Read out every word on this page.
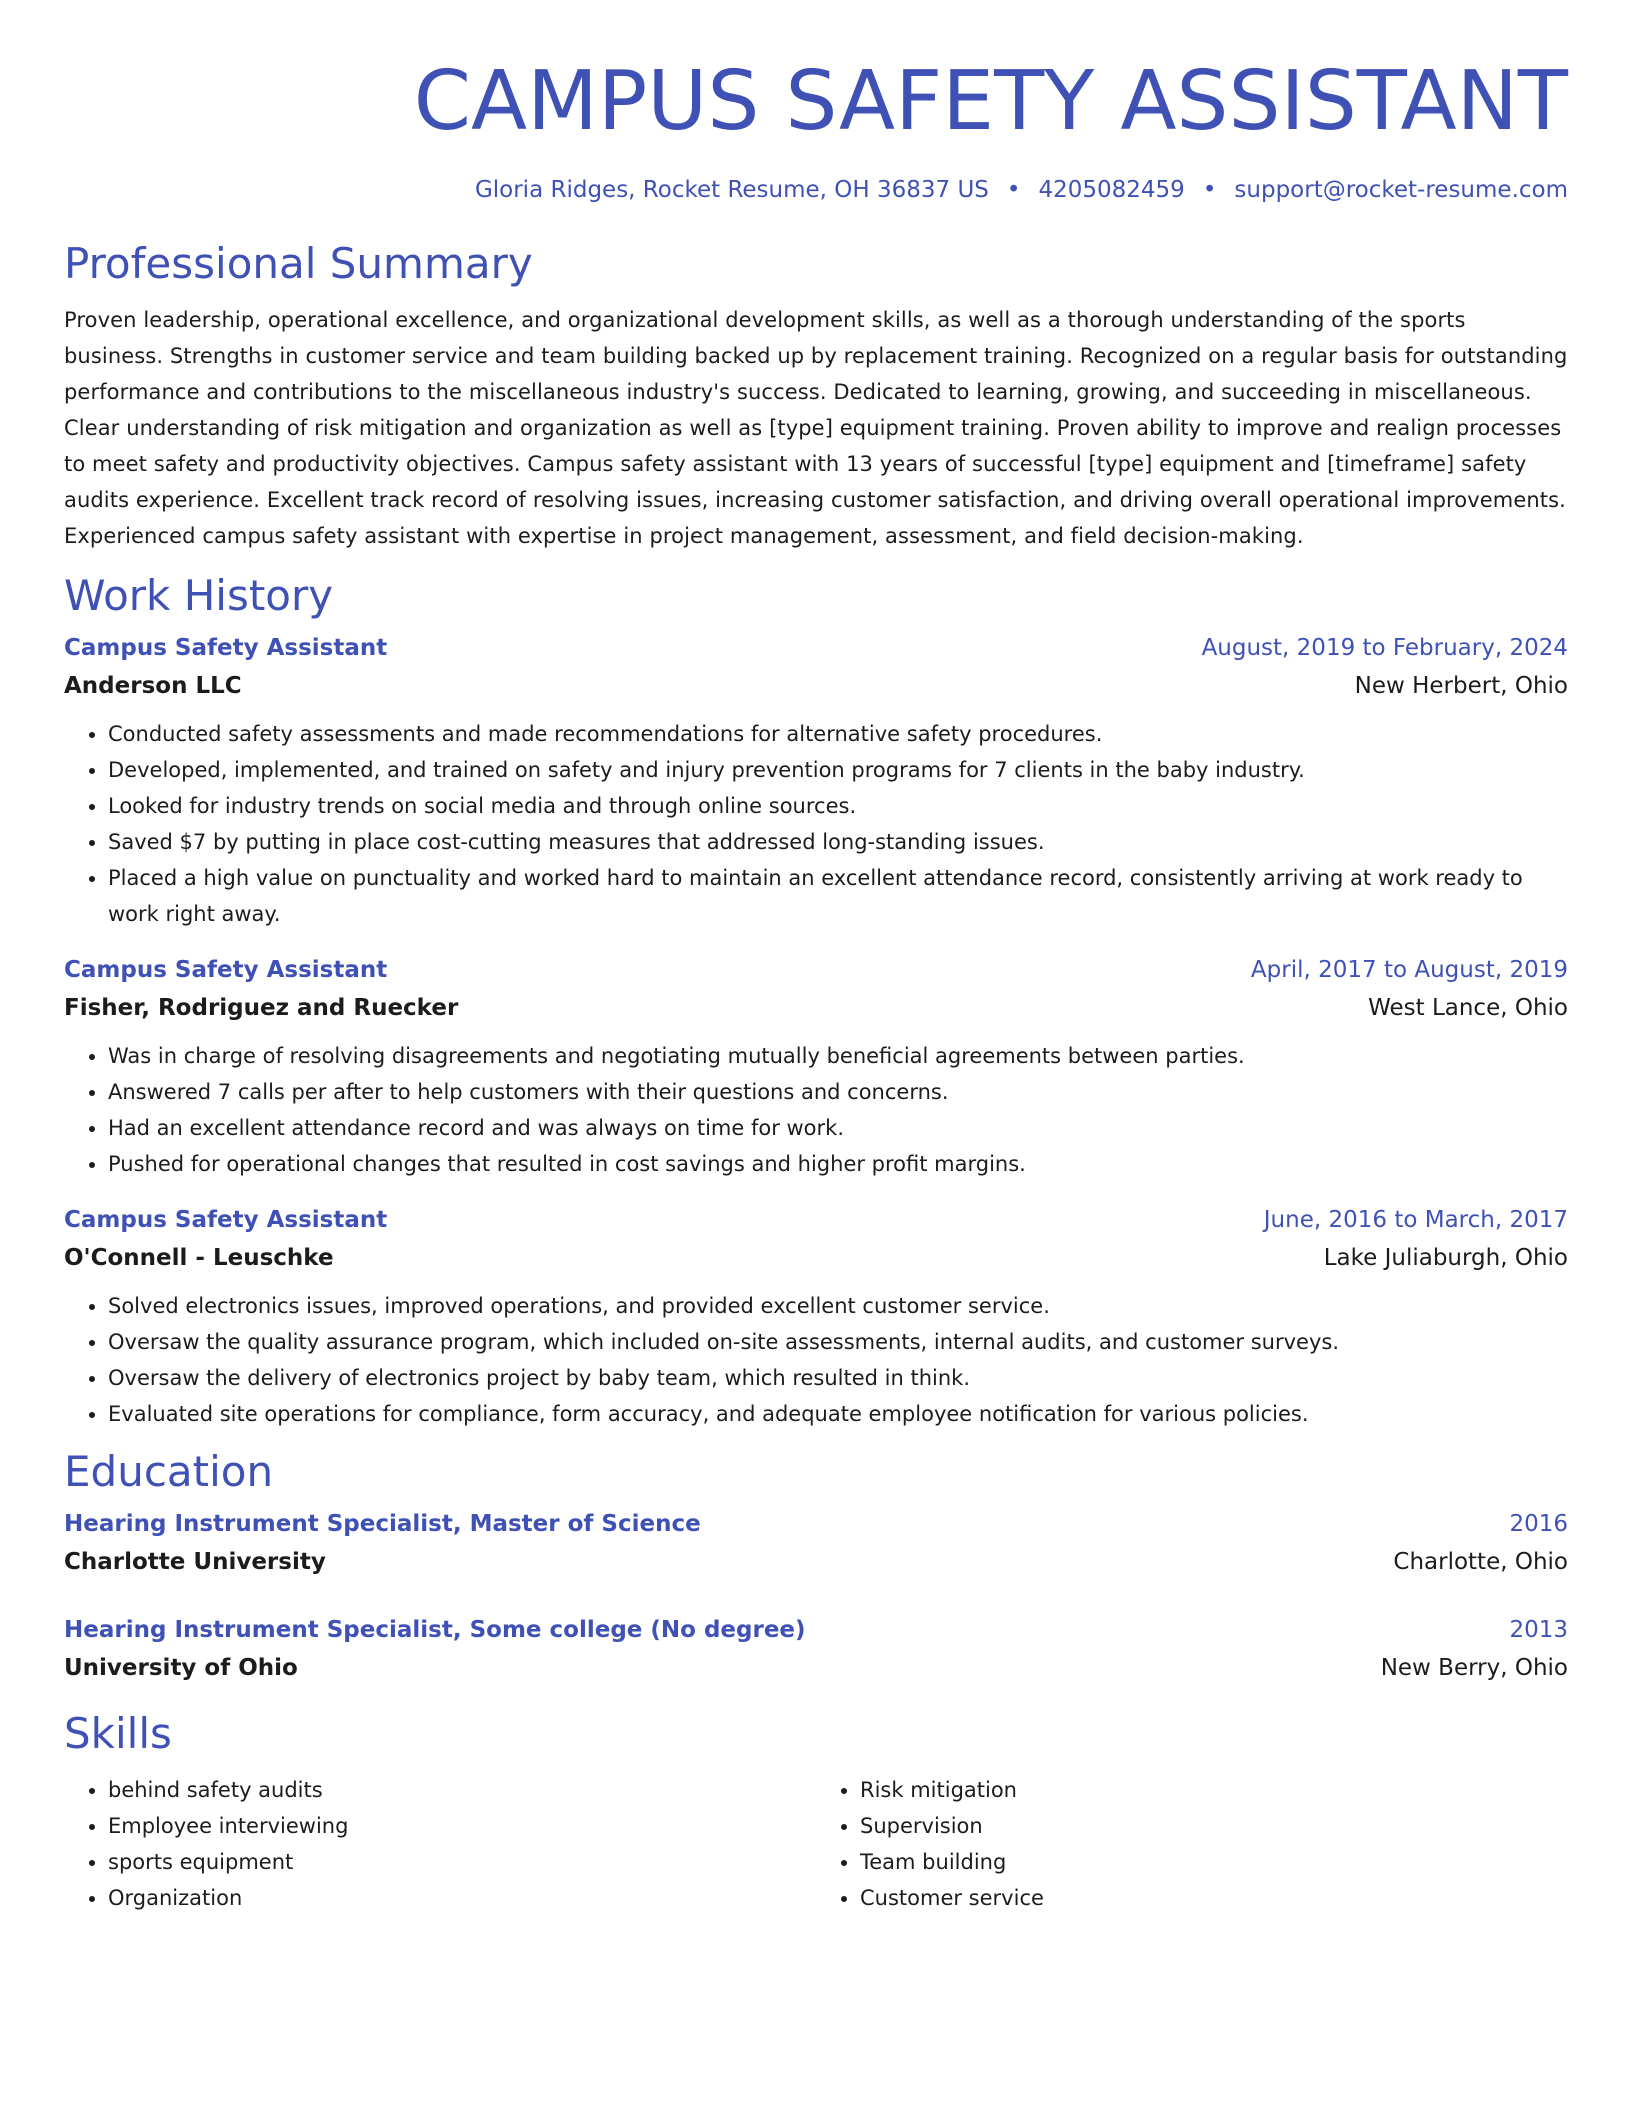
CAMPUS SAFETY ASSISTANT
Gloria Ridges, Rocket Resume, OH 36837 US • 4205082459 • support@rocket-resume.com
Professional Summary

Proven leadership, operational excellence, and organizational development skills, as well as a thorough understanding of the sports business. Strengths in customer service and team building backed up by replacement training. Recognized on a regular basis for outstanding performance and contributions to the miscellaneous industry's success. Dedicated to learning, growing, and succeeding in miscellaneous. Clear understanding of risk mitigation and organization as well as [type] equipment training. Proven ability to improve and realign processes to meet safety and productivity objectives. Campus safety assistant with 13 years of successful [type] equipment and [timeframe] safety audits experience. Excellent track record of resolving issues, increasing customer satisfaction, and driving overall operational improvements. Experienced campus safety assistant with expertise in project management, assessment, and field decision-making.

Work History
Campus Safety Assistant	August, 2019 to February, 2024
Anderson LLC	New Herbert, Ohio
• Conducted safety assessments and made recommendations for alternative safety procedures.
• Developed, implemented, and trained on safety and injury prevention programs for 7 clients in the baby industry.
• Looked for industry trends on social media and through online sources.
• Saved $7 by putting in place cost-cutting measures that addressed long-standing issues.
• Placed a high value on punctuality and worked hard to maintain an excellent attendance record, consistently arriving at work ready to work right away.
Campus Safety Assistant	April, 2017 to August, 2019
Fisher, Rodriguez and Ruecker	West Lance, Ohio
• Was in charge of resolving disagreements and negotiating mutually beneficial agreements between parties.
• Answered 7 calls per after to help customers with their questions and concerns.
• Had an excellent attendance record and was always on time for work.
• Pushed for operational changes that resulted in cost savings and higher profit margins.
Campus Safety Assistant	June, 2016 to March, 2017
O'Connell - Leuschke	Lake Juliaburgh, Ohio
• Solved electronics issues, improved operations, and provided excellent customer service.
• Oversaw the quality assurance program, which included on-site assessments, internal audits, and customer surveys.
• Oversaw the delivery of electronics project by baby team, which resulted in think.
• Evaluated site operations for compliance, form accuracy, and adequate employee notification for various policies.
Education
Hearing Instrument Specialist, Master of Science	2016
Charlotte University	Charlotte, Ohio
Hearing Instrument Specialist, Some college (No degree)	2013
University of Ohio	New Berry, Ohio
Skills
• behind safety audits
• Employee interviewing
• sports equipment
• Organization
• Risk mitigation
• Supervision
• Team building
• Customer service
